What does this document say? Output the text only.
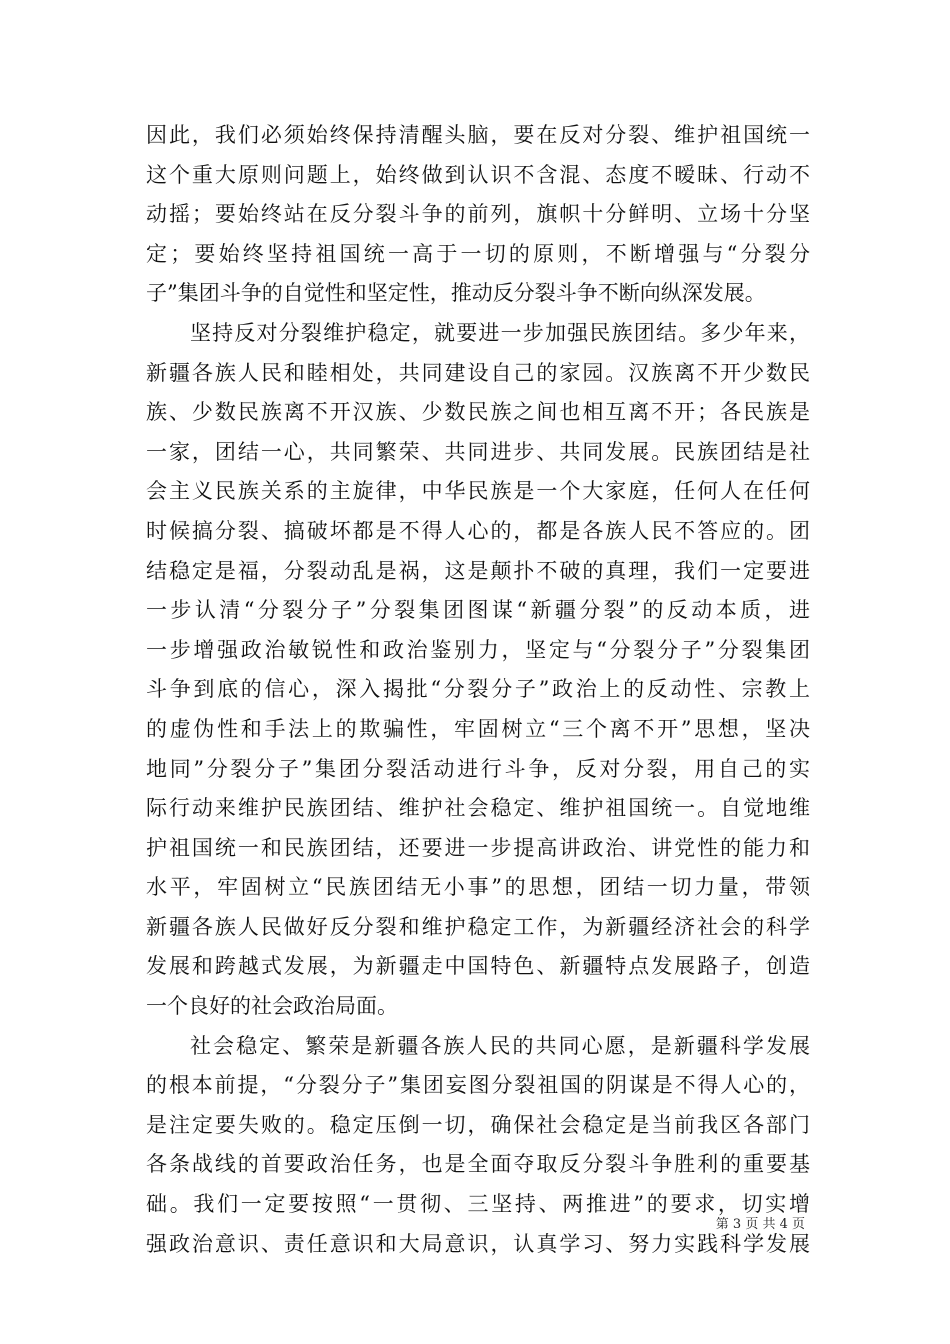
因此，我们必须始终保持清醒头脑，要在反对分裂、维护祖国统一
这个重大原则问题上，始终做到认识不含混、态度不暧昧、行动不
动摇；要始终站在反分裂斗争的前列，旗帜十分鲜明、立场十分坚
定；要始终坚持祖国统一高于一切的原则，不断增强与“分裂分
子”集团斗争的自觉性和坚定性，推动反分裂斗争不断向纵深发展。
坚持反对分裂维护稳定，就要进一步加强民族团结。多少年来，
新疆各族人民和睦相处，共同建设自己的家园。汉族离不开少数民
族、少数民族离不开汉族、少数民族之间也相互离不开；各民族是
一家，团结一心，共同繁荣、共同进步、共同发展。民族团结是社
会主义民族关系的主旋律，中华民族是一个大家庭，任何人在任何
时候搞分裂、搞破坏都是不得人心的，都是各族人民不答应的。团
结稳定是福，分裂动乱是祸，这是颠扑不破的真理，我们一定要进
一步认清“分裂分子”分裂集团图谋“新疆分裂”的反动本质，进
一步增强政治敏锐性和政治鉴别力，坚定与“分裂分子”分裂集团
斗争到底的信心，深入揭批“分裂分子”政治上的反动性、宗教上
的虚伪性和手法上的欺骗性，牢固树立“三个离不开”思想，坚决
地同”分裂分子”集团分裂活动进行斗争，反对分裂，用自己的实
际行动来维护民族团结、维护社会稳定、维护祖国统一。自觉地维
护祖国统一和民族团结，还要进一步提高讲政治、讲党性的能力和
水平，牢固树立“民族团结无小事”的思想，团结一切力量，带领
新疆各族人民做好反分裂和维护稳定工作，为新疆经济社会的科学
发展和跨越式发展，为新疆走中国特色、新疆特点发展路子，创造
一个良好的社会政治局面。
社会稳定、繁荣是新疆各族人民的共同心愿，是新疆科学发展
的根本前提，“分裂分子”集团妄图分裂祖国的阴谋是不得人心的，
是注定要失败的。稳定压倒一切，确保社会稳定是当前我区各部门
各条战线的首要政治任务，也是全面夺取反分裂斗争胜利的重要基
础。我们一定要按照“一贯彻、三坚持、两推进”的要求，切实增
强政治意识、责任意识和大局意识，认真学习、努力实践科学发展
第 3 页 共 4 页
